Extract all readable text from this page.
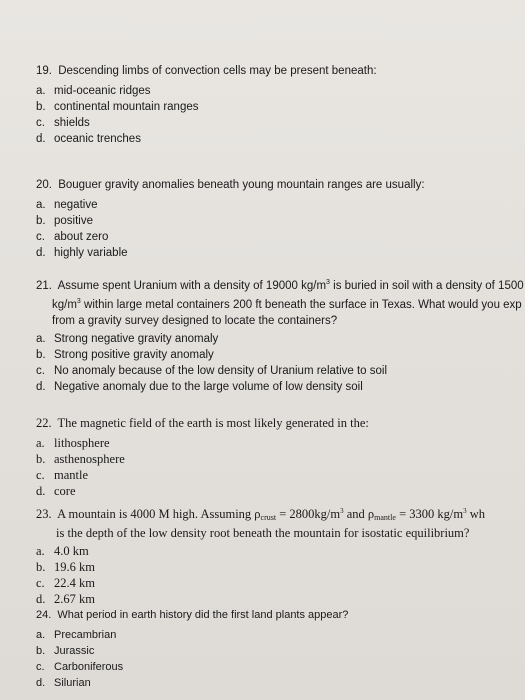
19. Descending limbs of convection cells may be present beneath:
a. mid-oceanic ridges
b. continental mountain ranges
c. shields
d. oceanic trenches
20. Bouguer gravity anomalies beneath young mountain ranges are usually:
a. negative
b. positive
c. about zero
d. highly variable
21. Assume spent Uranium with a density of 19000 $kg/m^3$ is buried in soil with a density of 1500
$kg/m^3$ within large metal containers 200 ft beneath the surface in Texas. What would you exp
from a gravity survey designed to locate the containers?
a. Strong negative gravity anomaly
b. Strong positive gravity anomaly
c. No anomaly because of the low density of Uranium relative to soil
d. Negative anomaly due to the large volume of low density soil
22. The magnetic field of the earth is most likely generated in the:
a. lithosphere
b. asthenosphere
c. mantle
d. core
23. A mountain is 4000 M high. Assuming $\rho_{crust} = 2800kg/m^3$ and $\rho_{mantle} = 3300$ $kg/m^3$ wh
is the depth of the low density root beneath the mountain for isostatic equilibrium?
a. 4.0 km
b. 19.6 km
c. 22.4 km
d. 2.67 km
24. What period in earth history did the first land plants appear?
a. Precambrian
b. Jurassic
c. Carboniferous
d. Silurian
